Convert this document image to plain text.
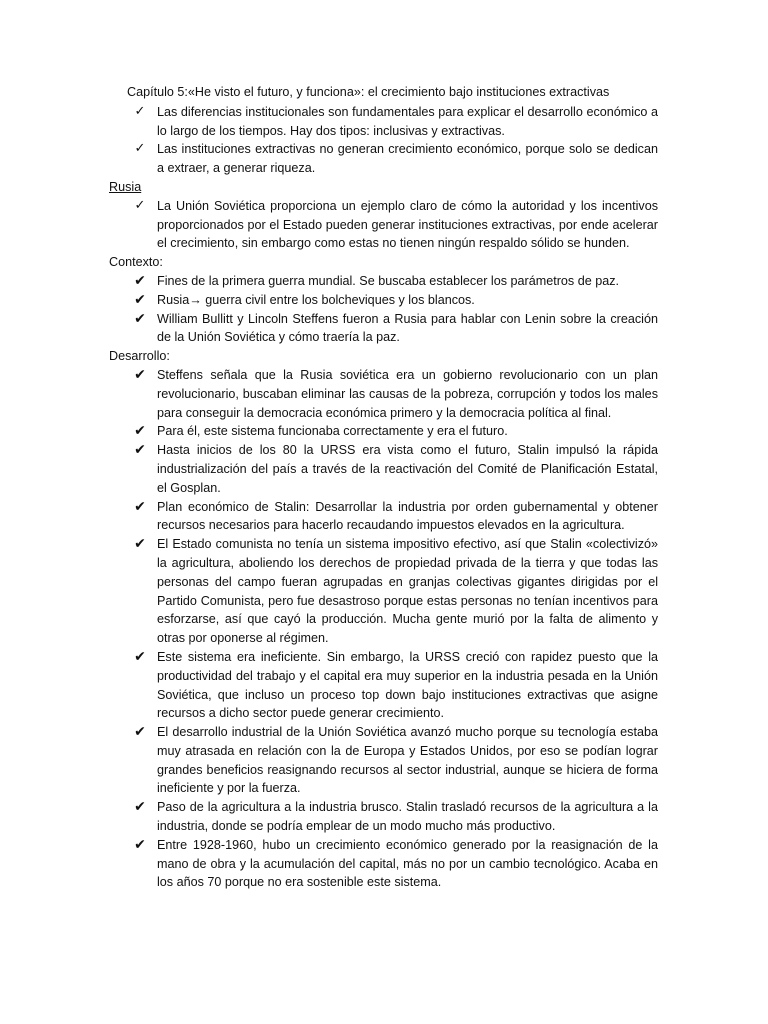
Capítulo 5:«He visto el futuro, y funciona»: el crecimiento bajo instituciones extractivas
✓ Las diferencias institucionales son fundamentales para explicar el desarrollo económico a lo largo de los tiempos. Hay dos tipos: inclusivas y extractivas.
✓ Las instituciones extractivas no generan crecimiento económico, porque solo se dedican a extraer, a generar riqueza.
Rusia
✓ La Unión Soviética proporciona un ejemplo claro de cómo la autoridad y los incentivos proporcionados por el Estado pueden generar instituciones extractivas, por ende acelerar el crecimiento, sin embargo como estas no tienen ningún respaldo sólido se hunden.
Contexto:
✔ Fines de la primera guerra mundial. Se buscaba establecer los parámetros de paz.
✔ Rusia→ guerra civil entre los bolcheviques y los blancos.
✔ William Bullitt y Lincoln Steffens fueron a Rusia para hablar con Lenin sobre la creación de la Unión Soviética y cómo traería la paz.
Desarrollo:
✔ Steffens señala que la Rusia soviética era un gobierno revolucionario con un plan revolucionario, buscaban eliminar las causas de la pobreza, corrupción y todos los males para conseguir la democracia económica primero y la democracia política al final.
✔ Para él, este sistema funcionaba correctamente y era el futuro.
✔ Hasta inicios de los 80 la URSS era vista como el futuro, Stalin impulsó la rápida industrialización del país a través de la reactivación del Comité de Planificación Estatal, el Gosplan.
✔ Plan económico de Stalin: Desarrollar la industria por orden gubernamental y obtener recursos necesarios para hacerlo recaudando impuestos elevados en la agricultura.
✔ El Estado comunista no tenía un sistema impositivo efectivo, así que Stalin «colectivizó» la agricultura, aboliendo los derechos de propiedad privada de la tierra y que todas las personas del campo fueran agrupadas en granjas colectivas gigantes dirigidas por el Partido Comunista, pero fue desastroso porque estas personas no tenían incentivos para esforzarse, así que cayó la producción. Mucha gente murió por la falta de alimento y otras por oponerse al régimen.
✔ Este sistema era ineficiente. Sin embargo, la URSS creció con rapidez puesto que la productividad del trabajo y el capital era muy superior en la industria pesada en la Unión Soviética, que incluso un proceso top down bajo instituciones extractivas que asigne recursos a dicho sector puede generar crecimiento.
✔ El desarrollo industrial de la Unión Soviética avanzó mucho porque su tecnología estaba muy atrasada en relación con la de Europa y Estados Unidos, por eso se podían lograr grandes beneficios reasignando recursos al sector industrial, aunque se hiciera de forma ineficiente y por la fuerza.
✔ Paso de la agricultura a la industria brusco. Stalin trasladó recursos de la agricultura a la industria, donde se podría emplear de un modo mucho más productivo.
✔ Entre 1928-1960, hubo un crecimiento económico generado por la reasignación de la mano de obra y la acumulación del capital, más no por un cambio tecnológico. Acaba en los años 70 porque no era sostenible este sistema.
